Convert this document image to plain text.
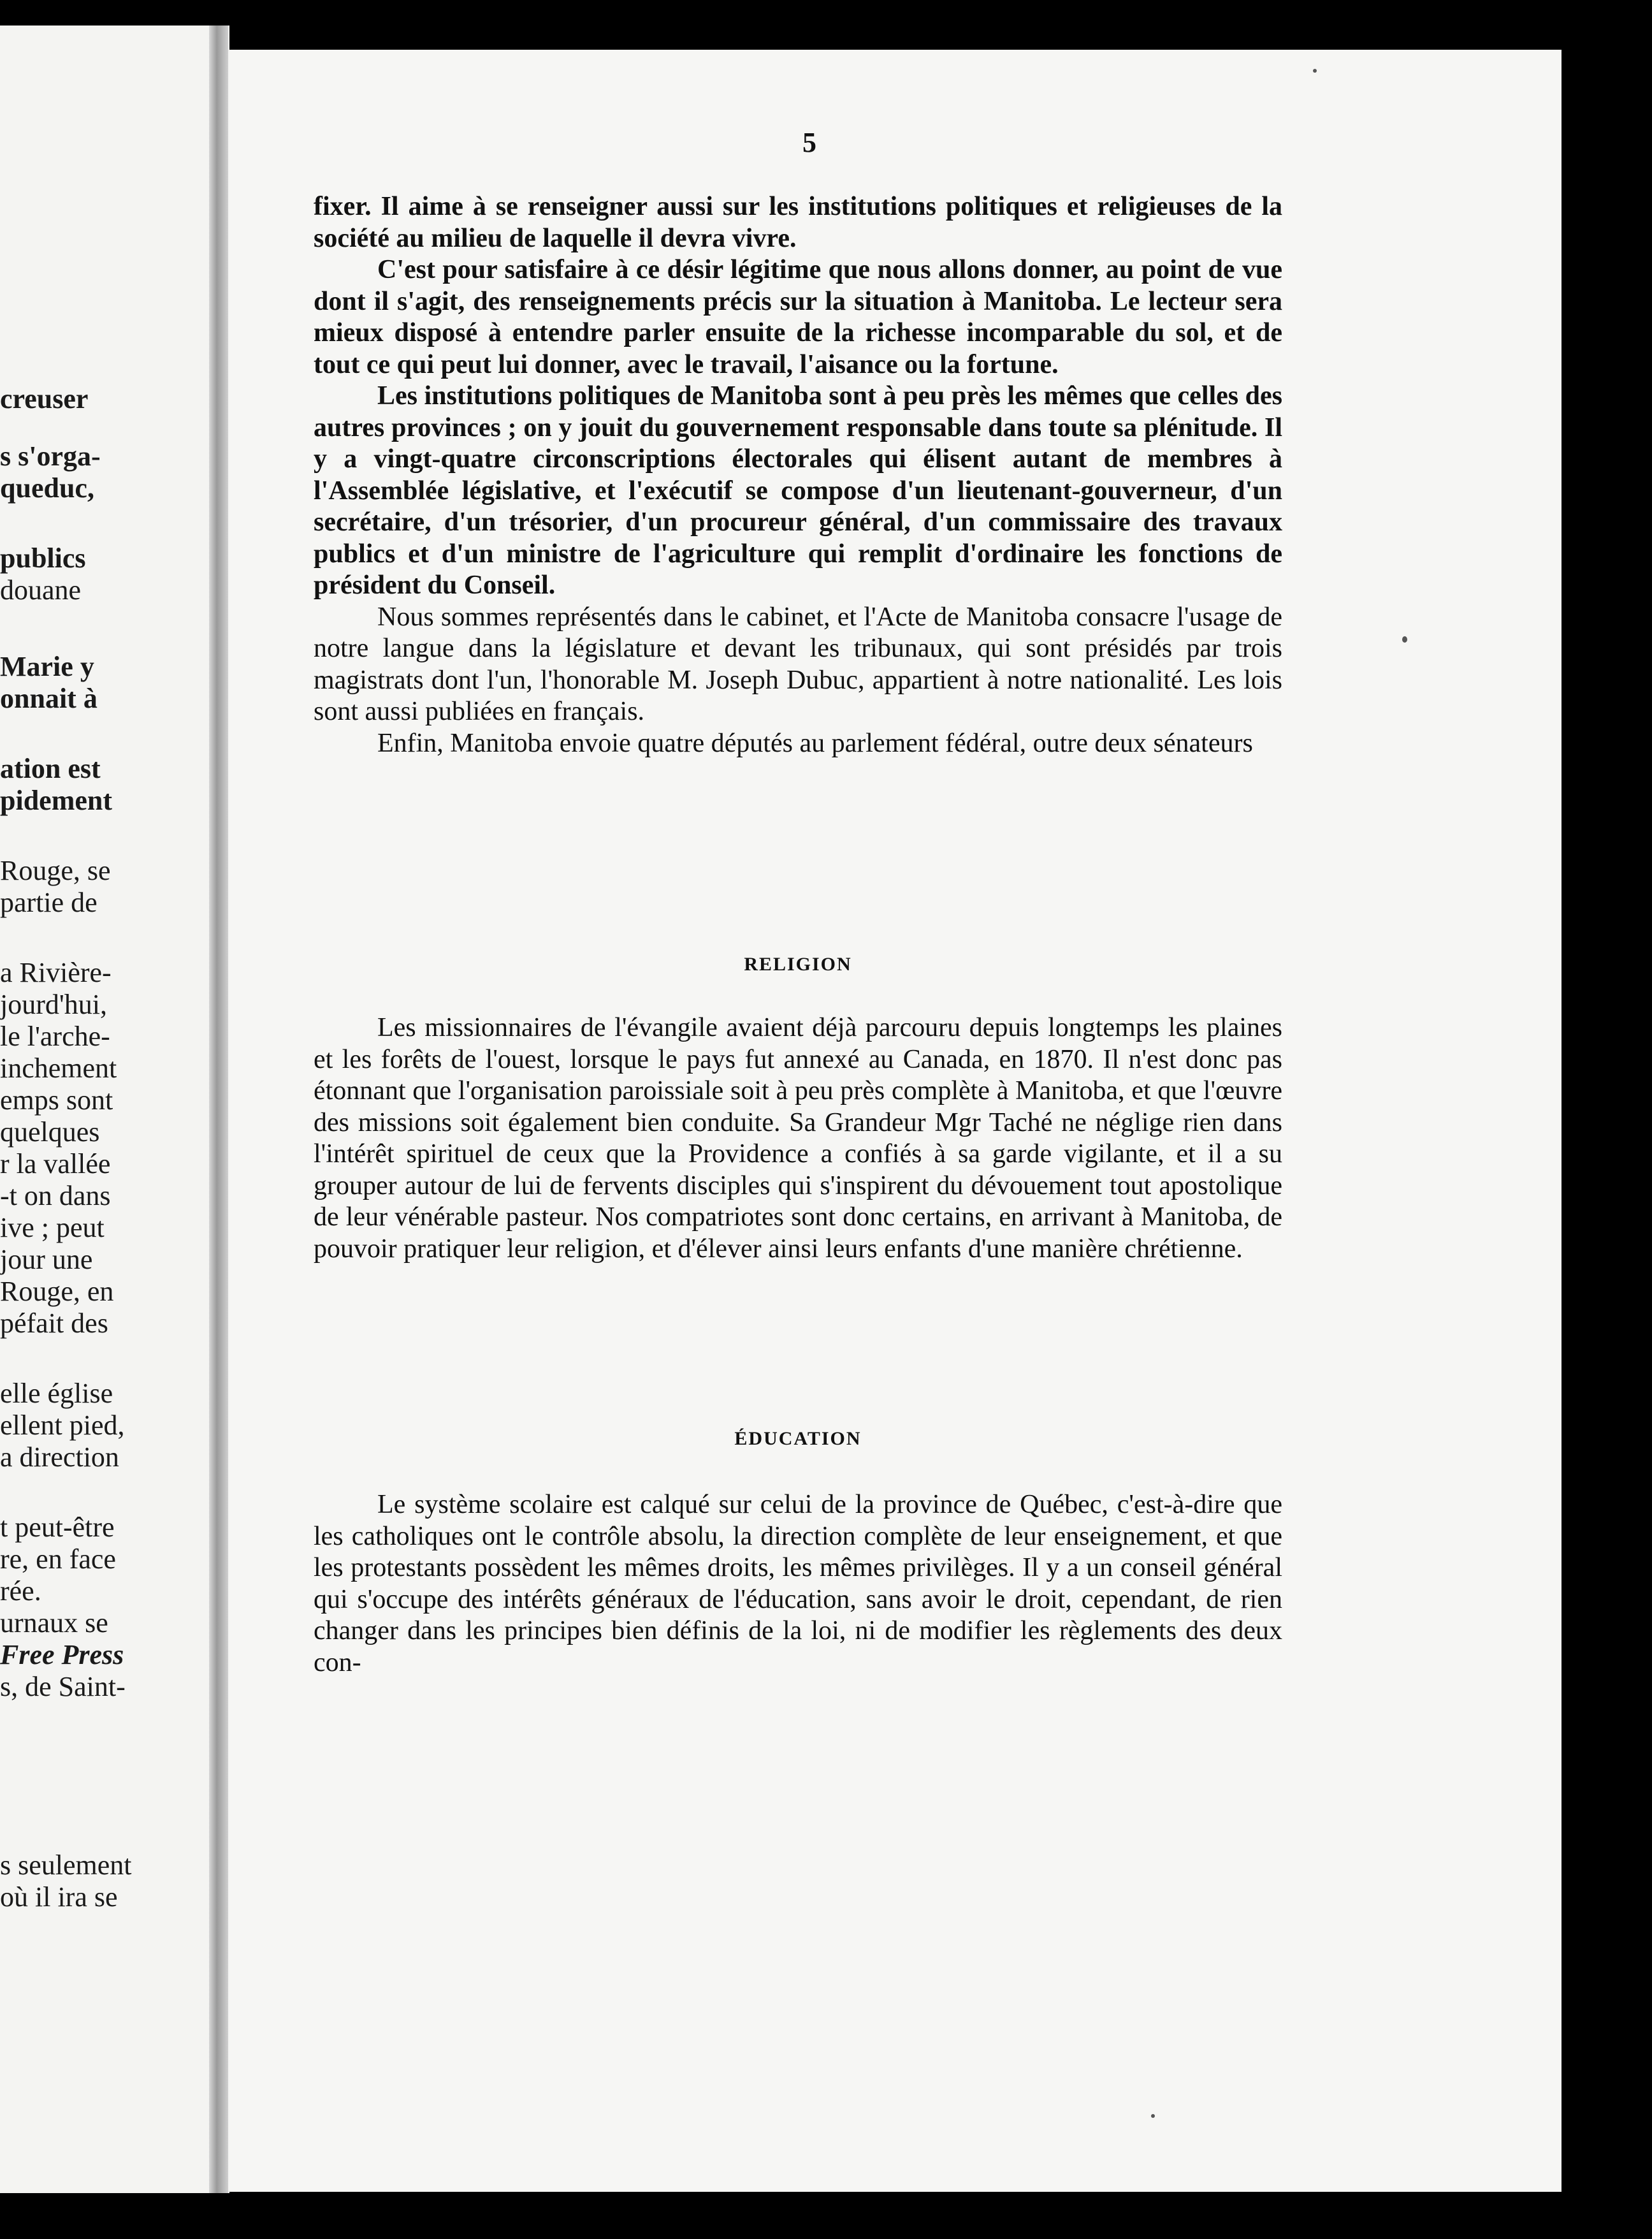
creuser
s s'orga-
queduc,
publics
douane
Marie y
onnait à
ation est
pidement
Rouge, se
partie de
a Rivière-
jourd'hui,
le l'arche-
inchement
emps sont
quelques
r la vallée
-t on dans
ive ; peut
jour une
Rouge, en
péfait des
elle église
ellent pied,
a direction
t peut-être
re, en face
rée.
urnaux se
Free Press
s, de Saint-
s seulement
où il ira se
5

fixer. Il aime à se renseigner aussi sur les institutions politiques et religieuses de la société au milieu de laquelle il devra vivre.

C'est pour satisfaire à ce désir légitime que nous allons donner, au point de vue dont il s'agit, des renseignements précis sur la situation à Manitoba. Le lecteur sera mieux disposé à entendre parler ensuite de la richesse incomparable du sol, et de tout ce qui peut lui donner, avec le travail, l'aisance ou la fortune.

Les institutions politiques de Manitoba sont à peu près les mêmes que celles des autres provinces ; on y jouit du gouvernement responsable dans toute sa plénitude. Il y a vingt-quatre circonscriptions électorales qui élisent autant de membres à l'Assemblée législative, et l'exécutif se compose d'un lieutenant-gouverneur, d'un secrétaire, d'un trésorier, d'un procureur général, d'un commissaire des travaux publics et d'un ministre de l'agriculture qui remplit d'ordinaire les fonctions de président du Conseil.

Nous sommes représentés dans le cabinet, et l'Acte de Manitoba consacre l'usage de notre langue dans la législature et devant les tribunaux, qui sont présidés par trois magistrats dont l'un, l'honorable M. Joseph Dubuc, appartient à notre nationalité. Les lois sont aussi publiées en français.

Enfin, Manitoba envoie quatre députés au parlement fédéral, outre deux sénateurs

RELIGION

Les missionnaires de l'évangile avaient déjà parcouru depuis longtemps les plaines et les forêts de l'ouest, lorsque le pays fut annexé au Canada, en 1870. Il n'est donc pas étonnant que l'organisation paroissiale soit à peu près complète à Manitoba, et que l'œuvre des missions soit également bien conduite. Sa Grandeur Mgr Taché ne néglige rien dans l'intérêt spirituel de ceux que la Providence a confiés à sa garde vigilante, et il a su grouper autour de lui de fervents disciples qui s'inspirent du dévouement tout apostolique de leur vénérable pasteur. Nos compatriotes sont donc certains, en arrivant à Manitoba, de pouvoir pratiquer leur religion, et d'élever ainsi leurs enfants d'une manière chrétienne.

ÉDUCATION

Le système scolaire est calqué sur celui de la province de Québec, c'est-à-dire que les catholiques ont le contrôle absolu, la direction complète de leur enseignement, et que les protestants possèdent les mêmes droits, les mêmes privilèges. Il y a un conseil général qui s'occupe des intérêts généraux de l'éducation, sans avoir le droit, cependant, de rien changer dans les principes bien définis de la loi, ni de modifier les règlements des deux con-
